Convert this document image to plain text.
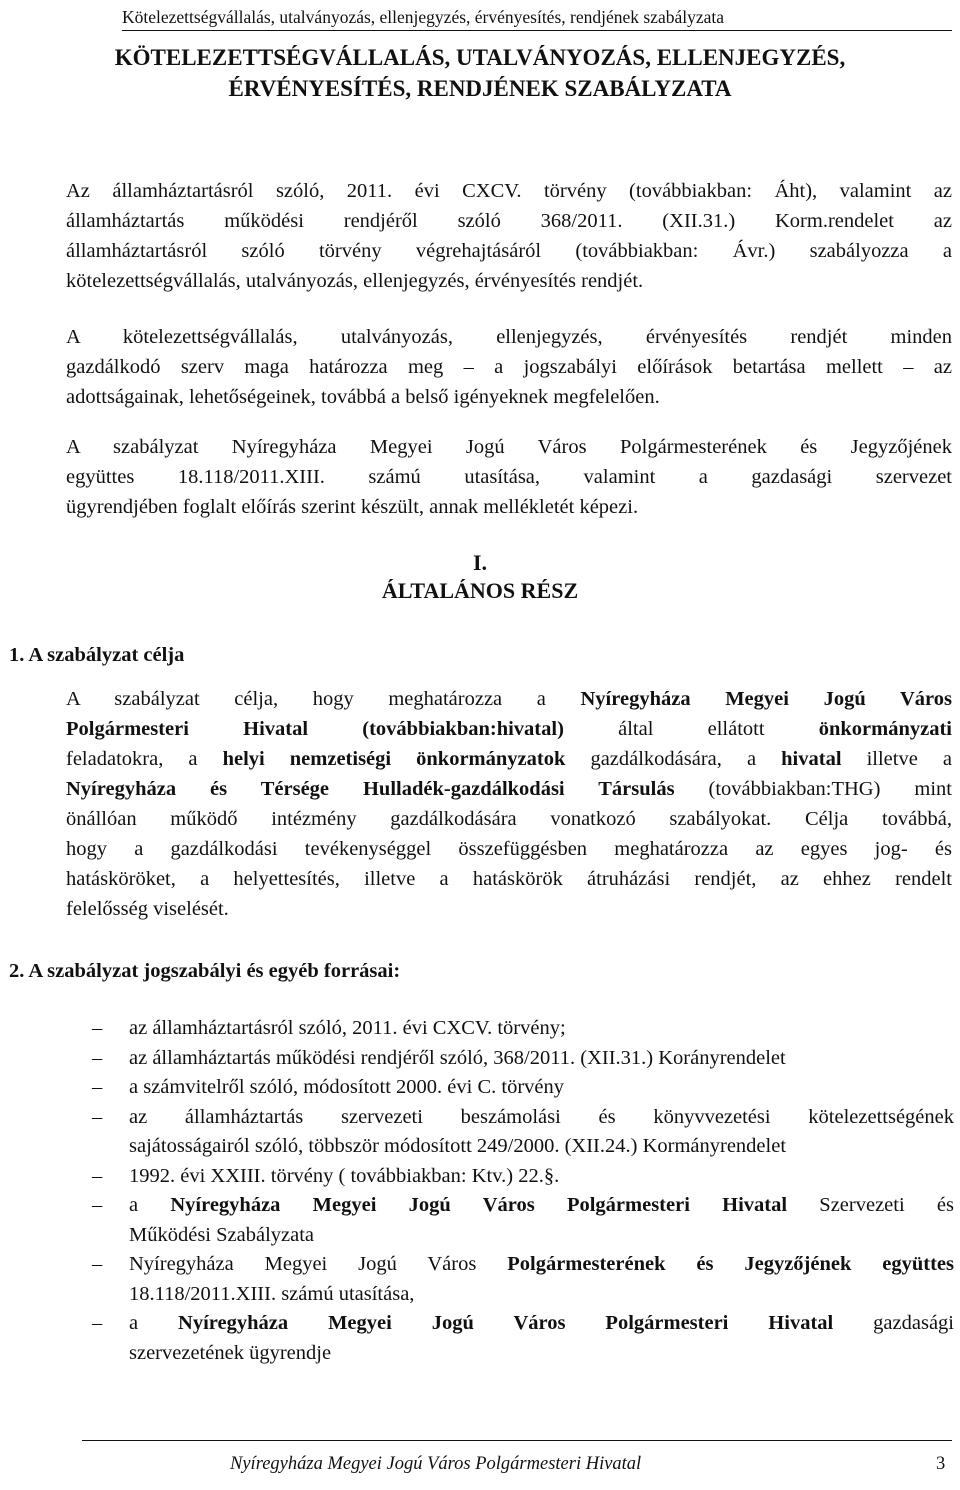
Kötelezettségvállalás, utalványozás, ellenjegyzés, érvényesítés, rendjének szabályzata
KÖTELEZETTSÉGVÁLLALÁS, UTALVÁNYOZÁS, ELLENJEGYZÉS,
ÉRVÉNYESÍTÉS, RENDJÉNEK SZABÁLYZATA
Az államháztartásról szóló, 2011. évi CXCV. törvény (továbbiakban: Áht), valamint az
államháztartás működési rendjéről szóló 368/2011. (XII.31.) Korm.rendelet az
államháztartásról szóló törvény végrehajtásáról (továbbiakban: Ávr.) szabályozza a
kötelezettségvállalás, utalványozás, ellenjegyzés, érvényesítés rendjét.
A kötelezettségvállalás, utalványozás, ellenjegyzés, érvényesítés rendjét minden
gazdálkodó szerv maga határozza meg – a jogszabályi előírások betartása mellett – az
adottságainak, lehetőségeinek, továbbá a belső igényeknek megfelelően.
A szabályzat Nyíregyháza Megyei Jogú Város Polgármesterének és Jegyzőjének
együttes 18.118/2011.XIII. számú utasítása, valamint a gazdasági szervezet
ügyrendjében foglalt előírás szerint készült, annak mellékletét képezi.
I.
ÁLTALÁNOS RÉSZ
1. A szabályzat célja
A szabályzat célja, hogy meghatározza a Nyíregyháza Megyei Jogú Város
Polgármesteri Hivatal (továbbiakban:hivatal) által ellátott önkormányzati
feladatokra, a helyi nemzetiségi önkormányzatok gazdálkodására, a hivatal illetve a
Nyíregyháza és Térsége Hulladék-gazdálkodási Társulás (továbbiakban:THG) mint
önállóan működő intézmény gazdálkodására vonatkozó szabályokat. Célja továbbá,
hogy a gazdálkodási tevékenységgel összefüggésben meghatározza az egyes jog- és
hatásköröket, a helyettesítés, illetve a hatáskörök átruházási rendjét, az ehhez rendelt
felelősség viselését.
2. A szabályzat jogszabályi és egyéb forrásai:
– az államháztartásról szóló, 2011. évi CXCV. törvény;
– az államháztartás működési rendjéről szóló, 368/2011. (XII.31.) Korányrendelet
– a számvitelről szóló, módosított 2000. évi C. törvény
– az államháztartás szervezeti beszámolási és könyvvezetési kötelezettségének
sajátosságairól szóló, többször módosított 249/2000. (XII.24.) Kormányrendelet
– 1992. évi XXIII. törvény ( továbbiakban: Ktv.) 22.§.
– a Nyíregyháza Megyei Jogú Város Polgármesteri Hivatal Szervezeti és
Működési Szabályzata
– Nyíregyháza Megyei Jogú Város Polgármesterének és Jegyzőjének együttes
18.118/2011.XIII. számú utasítása,
– a Nyíregyháza Megyei Jogú Város Polgármesteri Hivatal gazdasági
szervezetének ügyrendje
Nyíregyháza Megyei Jogú Város Polgármesteri Hivatal	3
